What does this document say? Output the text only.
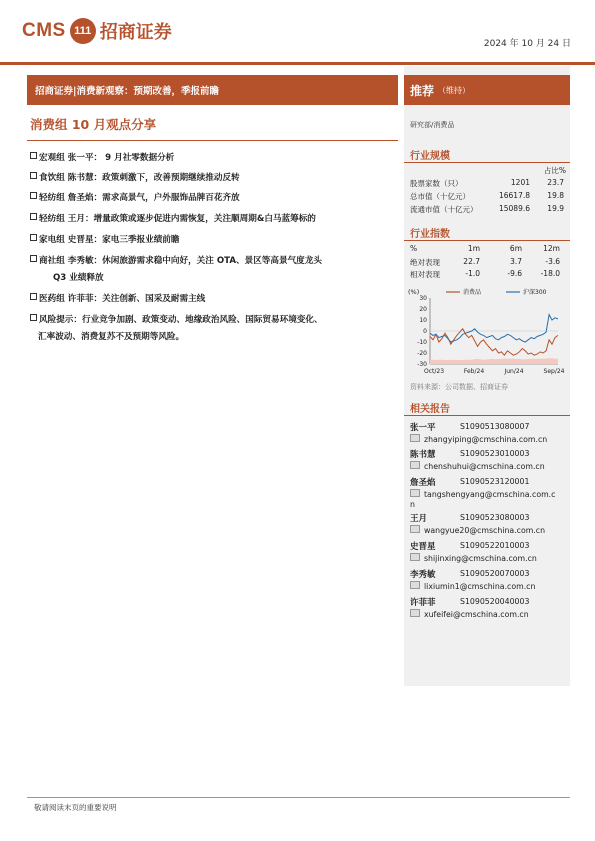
CMS 111 招商证券
2024 年 10 月 24 日
招商证券|消费新观察：预期改善，季报前瞻
消费组 10 月观点分享
宏观组 张一平： 9 月社零数据分析
食饮组 陈书慧：政策刺激下，改善预期继续推动反转
轻纺组 詹圣焰：需求高景气，户外服饰品牌百花齐放
轻纺组 王月：增量政策或逐步促进内需恢复，关注顺周期&白马蓝筹标的
家电组 史晋星：家电三季报业绩前瞻
商社组 李秀敏：休闲旅游需求稳中向好，关注 OTA、景区等高景气度龙头
Q3 业绩释放
医药组 许菲菲：关注创新、国采及耐需主线
风险提示：行业竞争加剧、政策变动、地缘政治风险、国际贸易环境变化、
汇率波动、消费复苏不及预期等风险。
推荐 （维持）
研究部/消费品
行业规模
占比%
股票家数（只）	1201	23.7
总市值（十亿元）	16617.8	19.8
流通市值（十亿元）	15089.6	19.9
行业指数
%	1m	6m	12m
绝对表现	22.7	3.7	-3.6
相对表现	-1.0	-9.6	-18.0
(%)
30
20
10
0
-10
-20
-30
消费品	沪深300
Oct/23	Feb/24	Jun/24	Sep/24
资料来源：公司数据、招商证券
相关报告
张一平	S1090513080007
zhangyiping@cmschina.com.cn
陈书慧	S1090523010003
chenshuhui@cmschina.com.cn
詹圣焰	S1090523120001
tangshengyang@cmschina.com.c
n
王月	S1090523080003
wangyue20@cmschina.com.cn
史晋星	S1090522010003
shijinxing@cmschina.com.cn
李秀敏	S1090520070003
lixiumin1@cmschina.com.cn
许菲菲	S1090520040003
xufeifei@cmschina.com.cn
敬请阅读末页的重要说明
